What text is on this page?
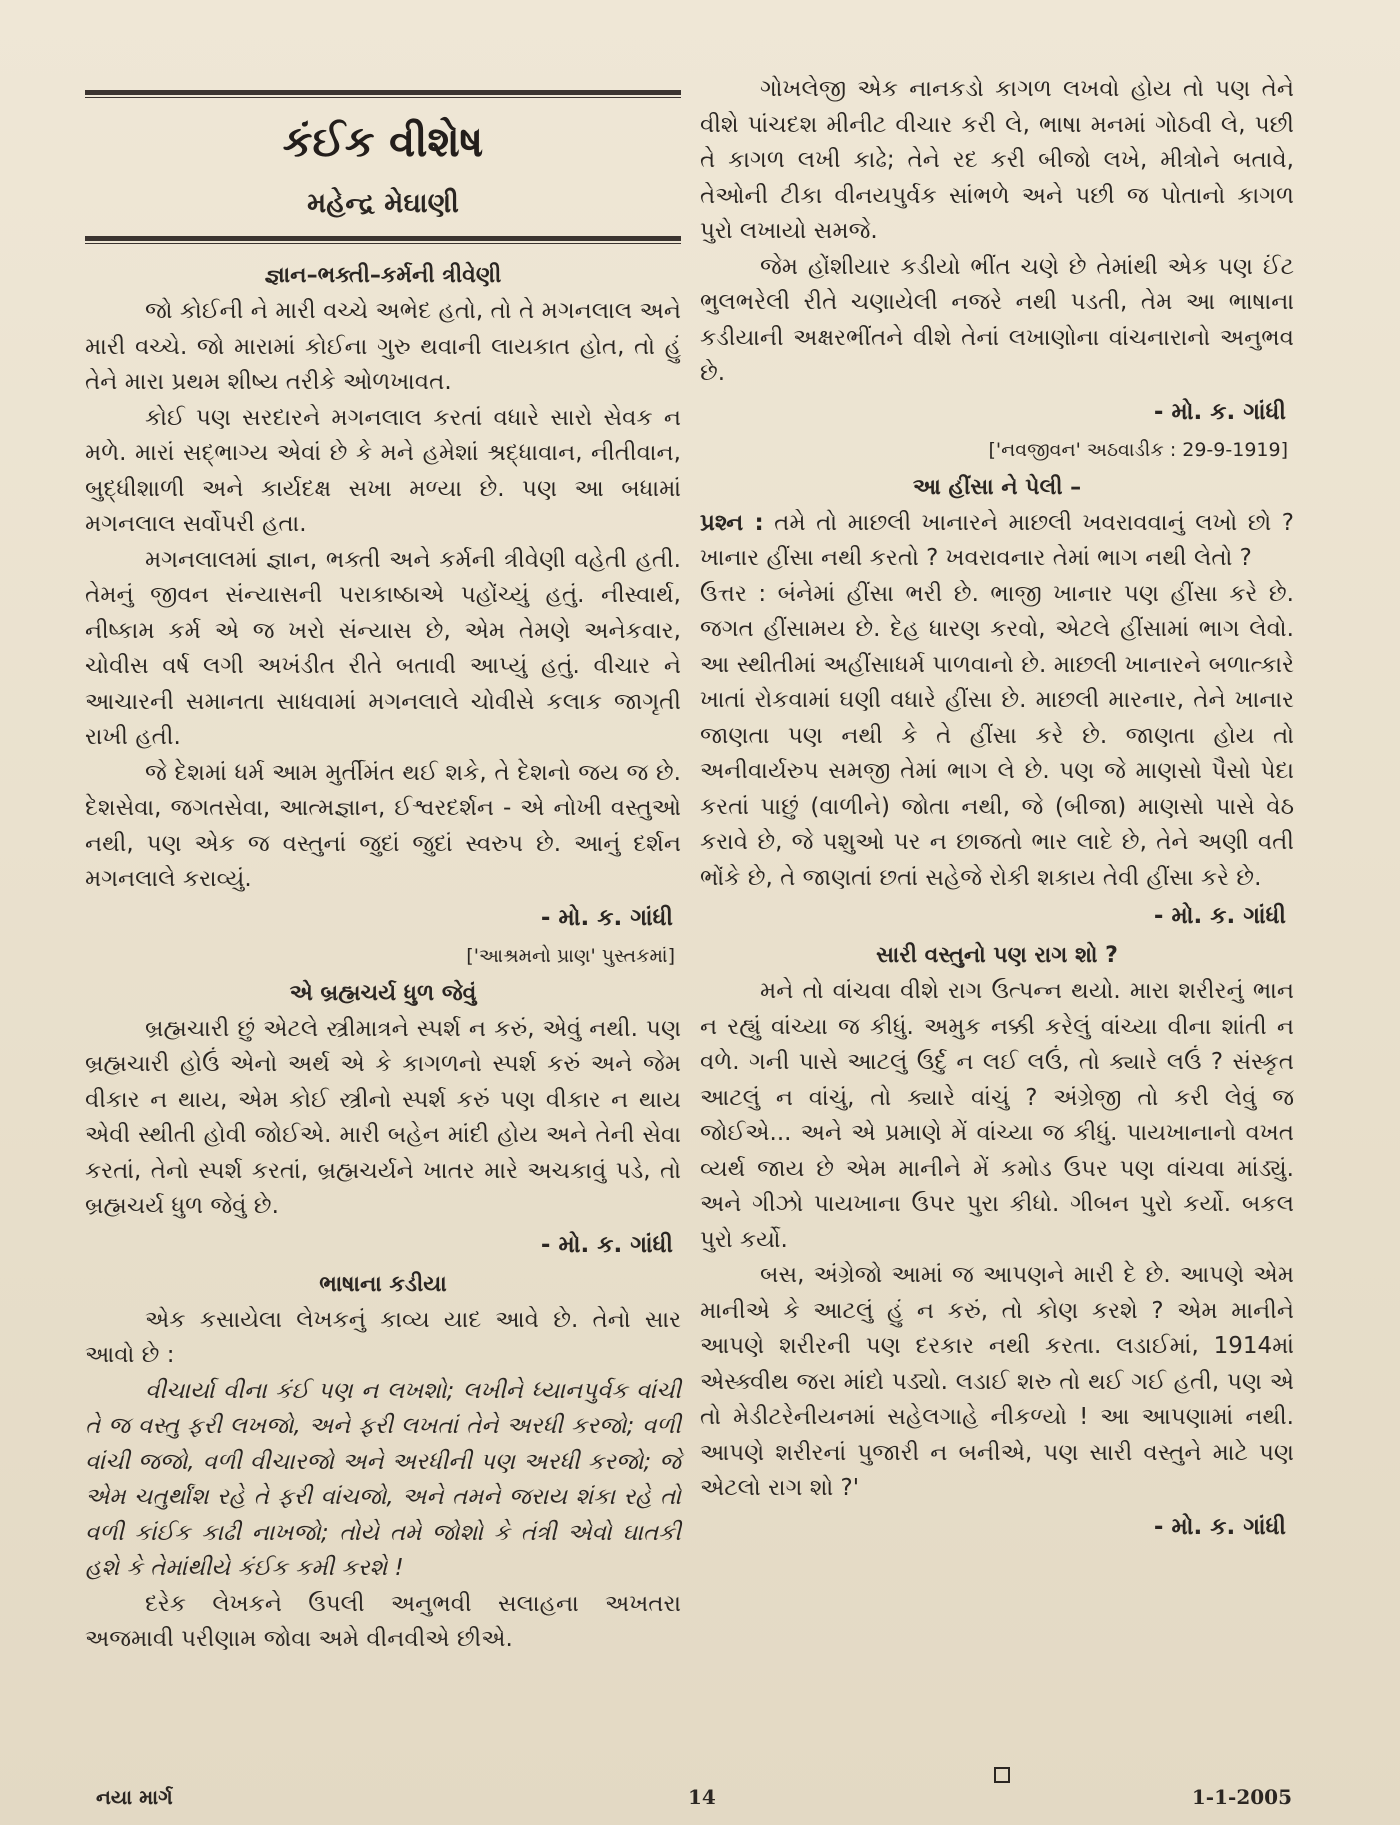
કંઈક વીશેષ
મહેન્દ્ર મેઘાણી
જ્ઞાન–ભક્તી–કર્મની ત્રીવેણી

જો કોઈની ને મારી વચ્ચે અભેદ હતો, તો તે મગનલાલ અને મારી વચ્ચે. જો મારામાં કોઈના ગુરુ થવાની લાયકાત હોત, તો હું તેને મારા પ્રથમ શીષ્ય તરીકે ઓળખાવત.

કોઈ પણ સરદારને મગનલાલ કરતાં વધારે સારો સેવક ન મળે. મારાં સદ્ભાગ્ય એવાં છે કે મને હમેશાં શ્રદ્ધાવાન, નીતીવાન, બુદ્ધીશાળી અને કાર્યદક્ષ સખા મળ્યા છે. પણ આ બધામાં મગનલાલ સર્વોપરી હતા.

મગનલાલમાં જ્ઞાન, ભક્તી અને કર્મની ત્રીવેણી વહેતી હતી. તેમનું જીવન સંન્યાસની પરાકાષ્ઠાએ પહોંચ્યું હતું. નીસ્વાર્થ, નીષ્કામ કર્મ એ જ ખરો સંન્યાસ છે, એમ તેમણે અનેકવાર, ચોવીસ વર્ષ લગી અખંડીત રીતે બતાવી આપ્યું હતું. વીચાર ને આચારની સમાનતા સાધવામાં મગનલાલે ચોવીસે કલાક જાગૃતી રાખી હતી.

જે દેશમાં ધર્મ આમ મુર્તીમંત થઈ શકે, તે દેશનો જય જ છે. દેશસેવા, જગતસેવા, આત્મજ્ઞાન, ઈશ્વરદર્શન - એ નોખી વસ્તુઓ નથી, પણ એક જ વસ્તુનાં જુદાં જુદાં સ્વરુપ છે. આનું દર્શન મગનલાલે કરાવ્યું.

- મો. ક. ગાંધી
['આશ્રમનો પ્રાણ' પુસ્તકમાં]
એ બ્રહ્મચર્ય ધુળ જેવું

બ્રહ્મચારી છું એટલે સ્ત્રીમાત્રને સ્પર્શ ન કરું, એવું નથી. પણ બ્રહ્મચારી હોઉં એનો અર્થ એ કે કાગળનો સ્પર્શ કરું અને જેમ વીકાર ન થાય, એમ કોઈ સ્ત્રીનો સ્પર્શ કરું પણ વીકાર ન થાય એવી સ્થીતી હોવી જોઈએ. મારી બહેન માંદી હોય અને તેની સેવા કરતાં, તેનો સ્પર્શ કરતાં, બ્રહ્મચર્યને ખાતર મારે અચકાવું પડે, તો બ્રહ્મચર્ય ધુળ જેવું છે.

- મો. ક. ગાંધી
ભાષાના કડીયા

એક કસાયેલા લેખકનું કાવ્ય યાદ આવે છે. તેનો સાર આવો છે :

વીચાર્યા વીના કંઈ પણ ન લખશો; લખીને ધ્યાનપુર્વક વાંચી તે જ વસ્તુ ફરી લખજો, અને ફરી લખતાં તેને અરધી કરજો; વળી વાંચી જજો, વળી વીચારજો અને અરધીની પણ અરધી કરજો; જે એમ ચતુર્થાંશ રહે તે ફરી વાંચજો, અને તમને જરાય શંકા રહે તો વળી કાંઈક કાઢી નાખજો; તોયે તમે જોશો કે તંત્રી એવો ઘાતકી હશે કે તેમાંથીયે કંઈક કમી કરશે !

દરેક લેખકને ઉપલી અનુભવી સલાહના અખતરા અજમાવી પરીણામ જોવા અમે વીનવીએ છીએ.

ગોખલેજી એક નાનકડો કાગળ લખવો હોય તો પણ તેને વીશે પાંચદશ મીનીટ વીચાર કરી લે, ભાષા મનમાં ગોઠવી લે, પછી તે કાગળ લખી કાઢે; તેને રદ કરી બીજો લખે, મીત્રોને બતાવે, તેઓની ટીકા વીનયપુર્વક સાંભળે અને પછી જ પોતાનો કાગળ પુરો લખાયો સમજે.

જેમ હોંશીયાર કડીયો ભીંત ચણે છે તેમાંથી એક પણ ઈંટ ભુલભરેલી રીતે ચણાયેલી નજરે નથી પડતી, તેમ આ ભાષાના કડીયાની અક્ષરભીંતને વીશે તેનાં લખાણોના વાંચનારાનો અનુભવ છે.

- મો. ક. ગાંધી
['નવજીવન' અઠવાડીક : 29-9-1919]
આ હીંસા ને પેલી –

પ્રશ્ન : તમે તો માછલી ખાનારને માછલી ખવરાવવાનું લખો છો ? ખાનાર હીંસા નથી કરતો ? ખવરાવનાર તેમાં ભાગ નથી લેતો ?

ઉત્તર : બંનેમાં હીંસા ભરી છે. ભાજી ખાનાર પણ હીંસા કરે છે. જગત હીંસામય છે. દેહ ધારણ કરવો, એટલે હીંસામાં ભાગ લેવો. આ સ્થીતીમાં અહીંસાધર્મ પાળવાનો છે. માછલી ખાનારને બળાત્કારે ખાતાં રોકવામાં ઘણી વધારે હીંસા છે. માછલી મારનાર, તેને ખાનાર જાણતા પણ નથી કે તે હીંસા કરે છે. જાણતા હોય તો અનીવાર્યરુપ સમજી તેમાં ભાગ લે છે. પણ જે માણસો પૈસો પેદા કરતાં પાછું (વાળીને) જોતા નથી, જે (બીજા) માણસો પાસે વેઠ કરાવે છે, જે પશુઓ પર ન છાજતો ભાર લાદે છે, તેને અણી વતી ભોંકે છે, તે જાણતાં છતાં સહેજે રોકી શકાય તેવી હીંસા કરે છે.

- મો. ક. ગાંધી
સારી વસ્તુનો પણ રાગ શો ?

મને તો વાંચવા વીશે રાગ ઉત્પન્ન થયો. મારા શરીરનું ભાન ન રહ્યું વાંચ્યા જ કીધું. અમુક નક્કી કરેલું વાંચ્યા વીના શાંતી ન વળે. ગની પાસે આટલું ઉર્દુ ન લઈ લઉં, તો ક્યારે લઉં ? સંસ્કૃત આટલું ન વાંચું, તો ક્યારે વાંચું ? અંગ્રેજી તો કરી લેવું જ જોઈએ... અને એ પ્રમાણે મેં વાંચ્યા જ કીધું. પાયખાનાનો વખત વ્યર્થ જાય છે એમ માનીને મેં કમોડ ઉપર પણ વાંચવા માંડ્યું. અને ગીઝો પાયખાના ઉપર પુરા કીધો. ગીબન પુરો કર્યો. બકલ પુરો કર્યો.

બસ, અંગ્રેજો આમાં જ આપણને મારી દે છે. આપણે એમ માનીએ કે આટલું હું ન કરું, તો કોણ કરશે ? એમ માનીને આપણે શરીરની પણ દરકાર નથી કરતા. લડાઈમાં, 1914માં એસ્ક્વીથ જરા માંદો પડ્યો. લડાઈ શરુ તો થઈ ગઈ હતી, પણ એ તો મેડીટરેનીયનમાં સહેલગાહે નીકળ્યો ! આ આપણામાં નથી. આપણે શરીરનાં પુજારી ન બનીએ, પણ સારી વસ્તુને માટે પણ એટલો રાગ શો ?'

- મો. ક. ગાંધી
નયા માર્ગ	14	1-1-2005
